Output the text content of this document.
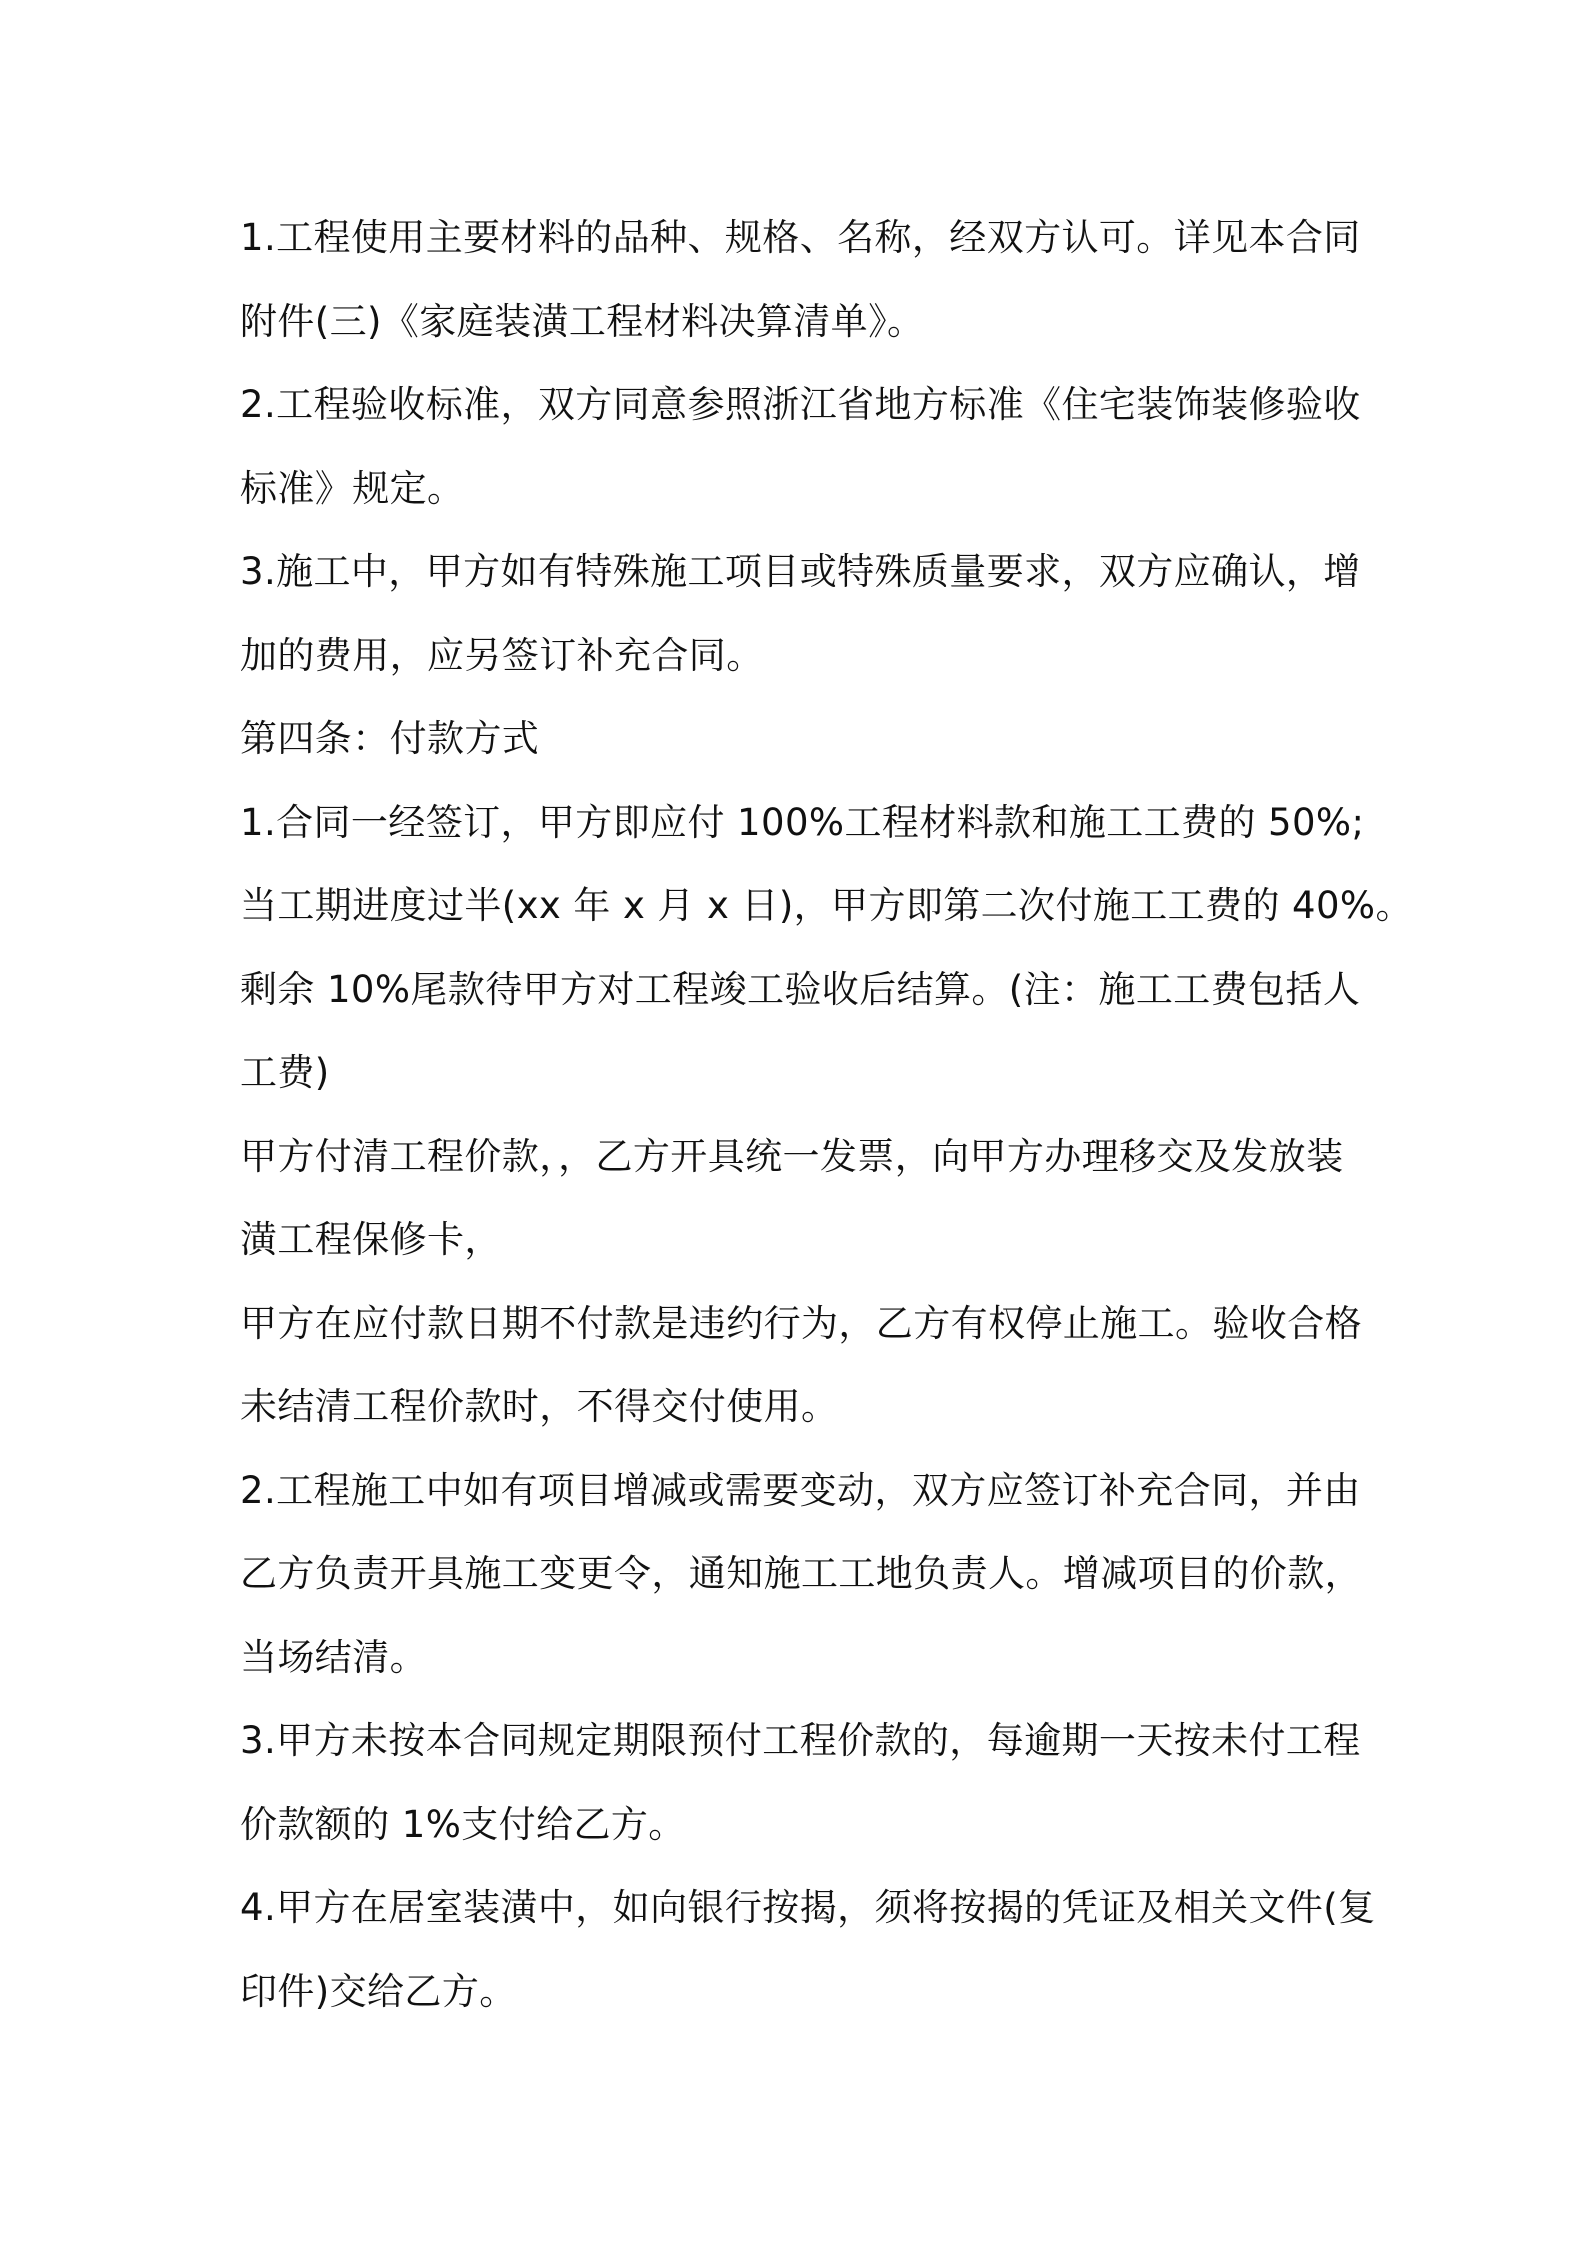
1.工程使用主要材料的品种、规格、名称，经双方认可。详见本合同
附件(三)《家庭装潢工程材料决算清单》。
2.工程验收标准，双方同意参照浙江省地方标准《住宅装饰装修验收
标准》规定。
3.施工中，甲方如有特殊施工项目或特殊质量要求，双方应确认，增
加的费用，应另签订补充合同。
第四条：付款方式
1.合同一经签订，甲方即应付 100%工程材料款和施工工费的 50%;
当工期进度过半(xx 年 x 月 x 日)，甲方即第二次付施工工费的 40%。
剩余 10%尾款待甲方对工程竣工验收后结算。(注：施工工费包括人
工费)
甲方付清工程价款，，乙方开具统一发票，向甲方办理移交及发放装
潢工程保修卡，
甲方在应付款日期不付款是违约行为，乙方有权停止施工。验收合格
未结清工程价款时，不得交付使用。
2.工程施工中如有项目增减或需要变动，双方应签订补充合同，并由
乙方负责开具施工变更令，通知施工工地负责人。增减项目的价款，
当场结清。
3.甲方未按本合同规定期限预付工程价款的，每逾期一天按未付工程
价款额的 1%支付给乙方。
4.甲方在居室装潢中，如向银行按揭，须将按揭的凭证及相关文件(复
印件)交给乙方。
